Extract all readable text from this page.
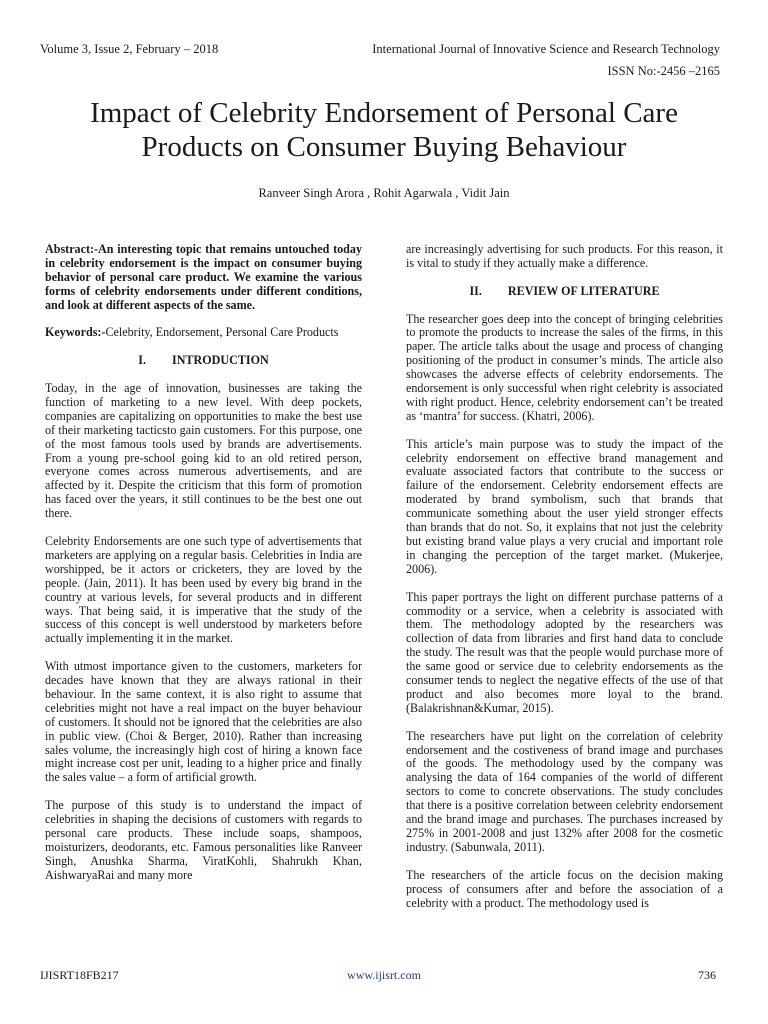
Volume 3, Issue 2, February – 2018	International Journal of Innovative Science and Research Technology
ISSN No:-2456 –2165
Impact of Celebrity Endorsement of Personal Care Products on Consumer Buying Behaviour
Ranveer Singh Arora , Rohit Agarwala , Vidit Jain

Abstract:-An interesting topic that remains untouched today in celebrity endorsement is the impact on consumer buying behavior of personal care product. We examine the various forms of celebrity endorsements under different conditions, and look at different aspects of the same.

Keywords:-Celebrity, Endorsement, Personal Care Products

I. INTRODUCTION

Today, in the age of innovation, businesses are taking the function of marketing to a new level. With deep pockets, companies are capitalizing on opportunities to make the best use of their marketing tacticsto gain customers. For this purpose, one of the most famous tools used by brands are advertisements. From a young pre-school going kid to an old retired person, everyone comes across numerous advertisements, and are affected by it. Despite the criticism that this form of promotion has faced over the years, it still continues to be the best one out there.

Celebrity Endorsements are one such type of advertisements that marketers are applying on a regular basis. Celebrities in India are worshipped, be it actors or cricketers, they are loved by the people. (Jain, 2011). It has been used by every big brand in the country at various levels, for several products and in different ways. That being said, it is imperative that the study of the success of this concept is well understood by marketers before actually implementing it in the market.

With utmost importance given to the customers, marketers for decades have known that they are always rational in their behaviour. In the same context, it is also right to assume that celebrities might not have a real impact on the buyer behaviour of customers. It should not be ignored that the celebrities are also in public view. (Choi & Berger, 2010). Rather than increasing sales volume, the increasingly high cost of hiring a known face might increase cost per unit, leading to a higher price and finally the sales value – a form of artificial growth.

The purpose of this study is to understand the impact of celebrities in shaping the decisions of customers with regards to personal care products. These include soaps, shampoos, moisturizers, deodorants, etc. Famous personalities like Ranveer Singh, Anushka Sharma, ViratKohli, Shahrukh Khan, AishwaryaRai and many more

are increasingly advertising for such products. For this reason, it is vital to study if they actually make a difference.

II. REVIEW OF LITERATURE

The researcher goes deep into the concept of bringing celebrities to promote the products to increase the sales of the firms, in this paper. The article talks about the usage and process of changing positioning of the product in consumer’s minds. The article also showcases the adverse effects of celebrity endorsements. The endorsement is only successful when right celebrity is associated with right product. Hence, celebrity endorsement can’t be treated as ‘mantra’ for success. (Khatri, 2006).

This article’s main purpose was to study the impact of the celebrity endorsement on effective brand management and evaluate associated factors that contribute to the success or failure of the endorsement. Celebrity endorsement effects are moderated by brand symbolism, such that brands that communicate something about the user yield stronger effects than brands that do not. So, it explains that not just the celebrity but existing brand value plays a very crucial and important role in changing the perception of the target market. (Mukerjee, 2006).

This paper portrays the light on different purchase patterns of a commodity or a service, when a celebrity is associated with them. The methodology adopted by the researchers was collection of data from libraries and first hand data to conclude the study. The result was that the people would purchase more of the same good or service due to celebrity endorsements as the consumer tends to neglect the negative effects of the use of that product and also becomes more loyal to the brand. (Balakrishnan&Kumar, 2015).

The researchers have put light on the correlation of celebrity endorsement and the costiveness of brand image and purchases of the goods. The methodology used by the company was analysing the data of 164 companies of the world of different sectors to come to concrete observations. The study concludes that there is a positive correlation between celebrity endorsement and the brand image and purchases. The purchases increased by 275% in 2001-2008 and just 132% after 2008 for the cosmetic industry. (Sabunwala, 2011).

The researchers of the article focus on the decision making process of consumers after and before the association of a celebrity with a product. The methodology used is

IJISRT18FB217	www.ijisrt.com	736
